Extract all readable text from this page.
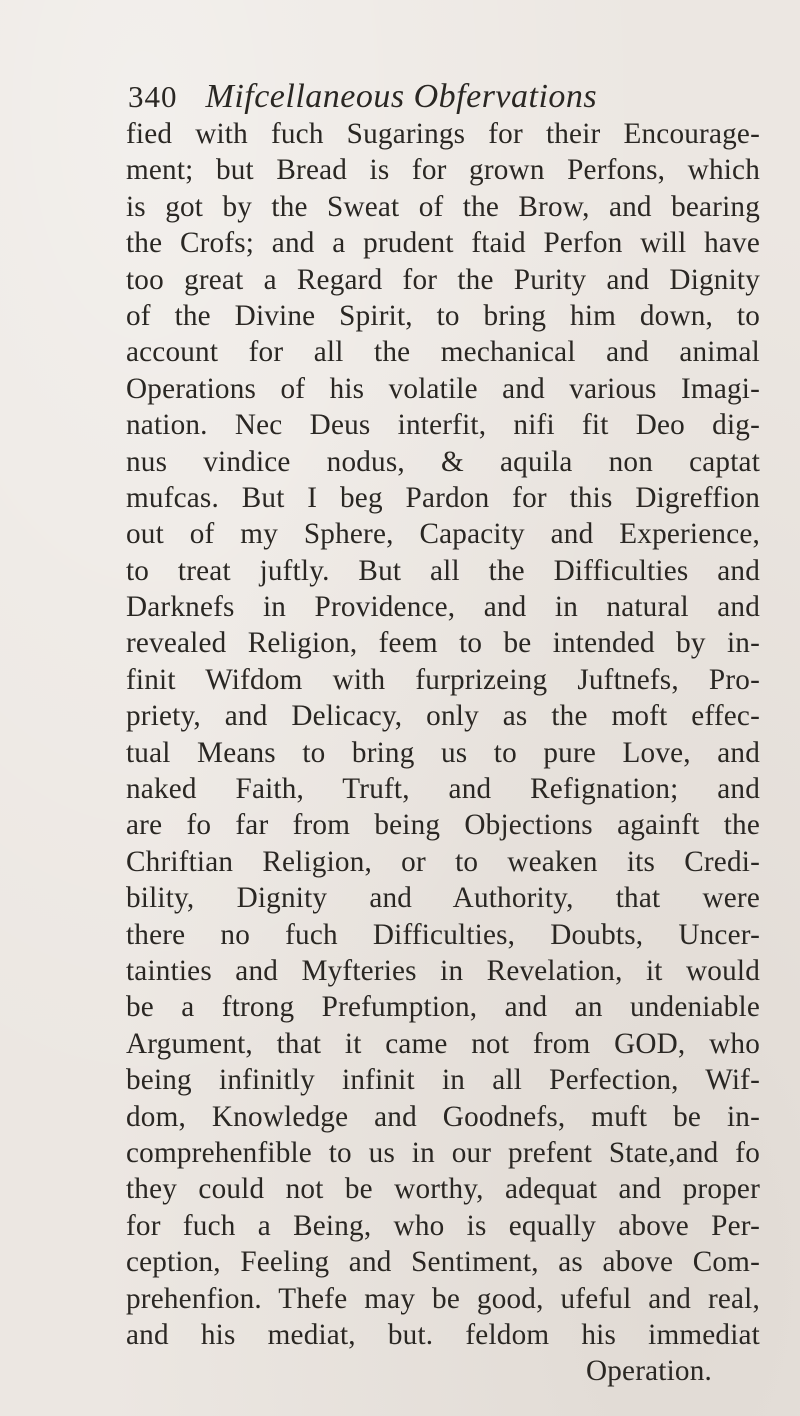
340 Mifcellaneous Obfervations
fied with fuch Sugarings for their Encourage-
ment; but Bread is for grown Perfons, which
is got by the Sweat of the Brow, and bearing
the Crofs; and a prudent ftaid Perfon will have
too great a Regard for the Purity and Dignity
of the Divine Spirit, to bring him down, to
account for all the mechanical and animal
Operations of his volatile and various Imagi-
nation. Nec Deus interfit, nifi fit Deo dig-
nus vindice nodus, & aquila non captat
mufcas. But I beg Pardon for this Digreffion
out of my Sphere, Capacity and Experience,
to treat juftly. But all the Difficulties and
Darknefs in Providence, and in natural and
revealed Religion, feem to be intended by in-
finit Wifdom with furprizeing Juftnefs, Pro-
priety, and Delicacy, only as the moft effec-
tual Means to bring us to pure Love, and
naked Faith, Truft, and Refignation; and
are fo far from being Objections againft the
Chriftian Religion, or to weaken its Credi-
bility, Dignity and Authority, that were
there no fuch Difficulties, Doubts, Uncer-
tainties and Myfteries in Revelation, it would
be a ftrong Prefumption, and an undeniable
Argument, that it came not from GOD, who
being infinitly infinit in all Perfection, Wif-
dom, Knowledge and Goodnefs, muft be in-
comprehenfible to us in our prefent State,and fo
they could not be worthy, adequat and proper
for fuch a Being, who is equally above Per-
ception, Feeling and Sentiment, as above Com-
prehenfion. Thefe may be good, ufeful and real,
and his mediat, but. feldom his immediat
Operation.
